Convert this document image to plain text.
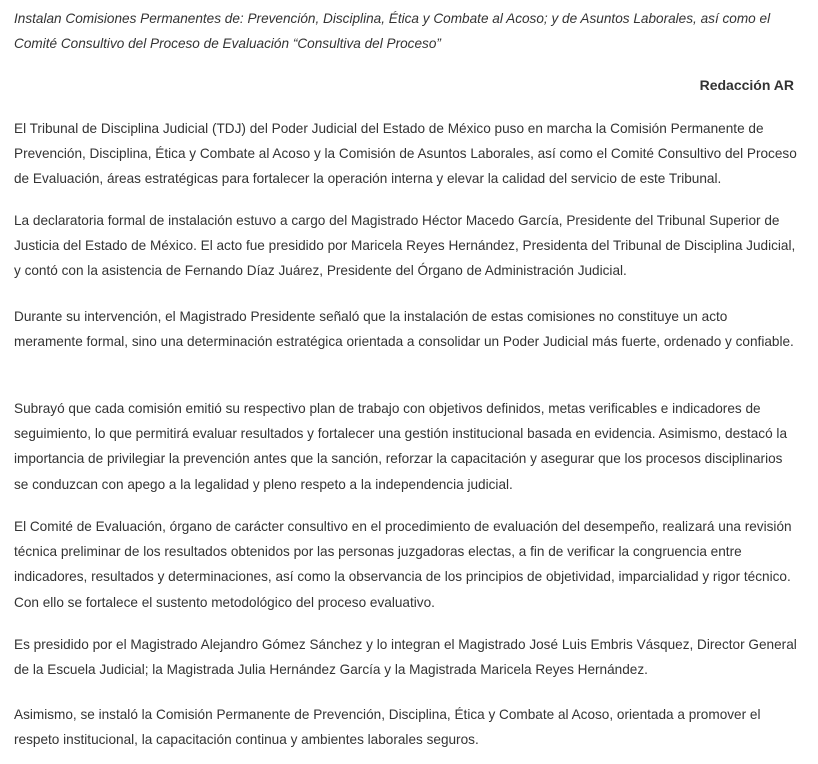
Instalan Comisiones Permanentes de: Prevención, Disciplina, Ética y Combate al Acoso; y de Asuntos Laborales, así como el Comité Consultivo del Proceso de Evaluación “Consultiva del Proceso”

Redacción AR

El Tribunal de Disciplina Judicial (TDJ) del Poder Judicial del Estado de México puso en marcha la Comisión Permanente de Prevención, Disciplina, Ética y Combate al Acoso y la Comisión de Asuntos Laborales, así como el Comité Consultivo del Proceso de Evaluación, áreas estratégicas para fortalecer la operación interna y elevar la calidad del servicio de este Tribunal.

La declaratoria formal de instalación estuvo a cargo del Magistrado Héctor Macedo García, Presidente del Tribunal Superior de Justicia del Estado de México. El acto fue presidido por Maricela Reyes Hernández, Presidenta del Tribunal de Disciplina Judicial, y contó con la asistencia de Fernando Díaz Juárez, Presidente del Órgano de Administración Judicial.

Durante su intervención, el Magistrado Presidente señaló que la instalación de estas comisiones no constituye un acto meramente formal, sino una determinación estratégica orientada a consolidar un Poder Judicial más fuerte, ordenado y confiable.

Subrayó que cada comisión emitió su respectivo plan de trabajo con objetivos definidos, metas verificables e indicadores de seguimiento, lo que permitirá evaluar resultados y fortalecer una gestión institucional basada en evidencia. Asimismo, destacó la importancia de privilegiar la prevención antes que la sanción, reforzar la capacitación y asegurar que los procesos disciplinarios se conduzcan con apego a la legalidad y pleno respeto a la independencia judicial.

El Comité de Evaluación, órgano de carácter consultivo en el procedimiento de evaluación del desempeño, realizará una revisión técnica preliminar de los resultados obtenidos por las personas juzgadoras electas, a fin de verificar la congruencia entre indicadores, resultados y determinaciones, así como la observancia de los principios de objetividad, imparcialidad y rigor técnico. Con ello se fortalece el sustento metodológico del proceso evaluativo.

Es presidido por el Magistrado Alejandro Gómez Sánchez y lo integran el Magistrado José Luis Embris Vásquez, Director General de la Escuela Judicial; la Magistrada Julia Hernández García y la Magistrada Maricela Reyes Hernández.

Asimismo, se instaló la Comisión Permanente de Prevención, Disciplina, Ética y Combate al Acoso, orientada a promover el respeto institucional, la capacitación continua y ambientes laborales seguros.
